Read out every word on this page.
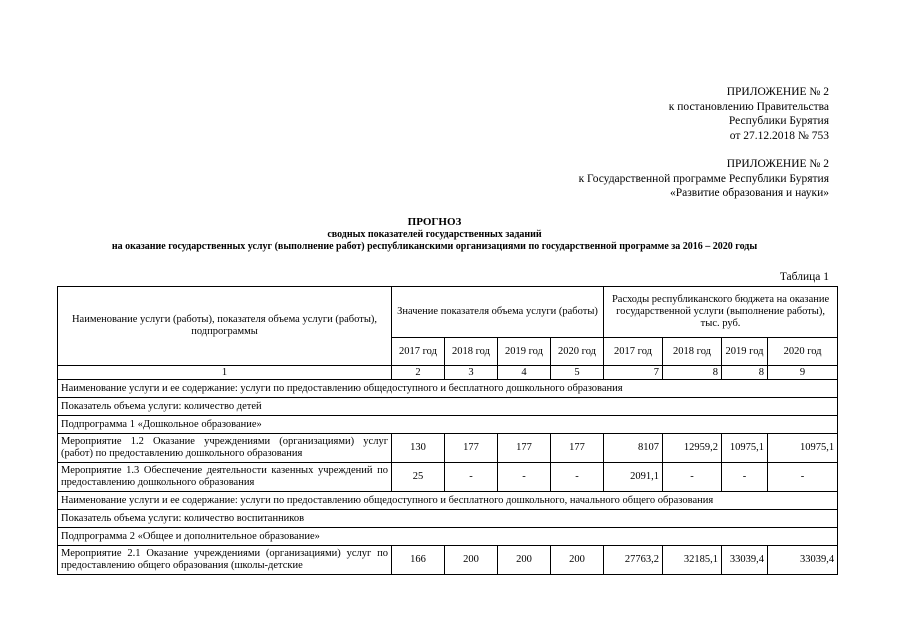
ПРИЛОЖЕНИЕ № 2
к постановлению Правительства
Республики Бурятия
от 27.12.2018 № 753
ПРИЛОЖЕНИЕ № 2
к Государственной программе Республики Бурятия
«Развитие образования и науки»
ПРОГНОЗ
сводных показателей государственных заданий
на оказание государственных услуг (выполнение работ) республиканскими организациями по государственной программе за 2016 – 2020 годы
Таблица 1
Наименование услуги (работы), показателя объема услуги (работы), подпрограммы	Значение показателя объема услуги (работы)				Расходы республиканского бюджета на оказание государственной услуги (выполнение работы), тыс. руб.			
	2017 год	2018 год	2019 год	2020 год	2017 год	2018 год	2019 год	2020 год
1	2	3	4	5	7	8	8	9
Наименование услуги и ее содержание: услуги по предоставлению общедоступного и бесплатного дошкольного образования								
Показатель объема услуги: количество детей								
Подпрограмма 1 «Дошкольное образование»								
Мероприятие 1.2 Оказание учреждениями (организациями) услуг (работ) по предоставлению дошкольного образования	130	177	177	177	8107	12959,2	10975,1	10975,1
Мероприятие 1.3 Обеспечение деятельности казенных учреждений по предоставлению дошкольного образования	25	-	-	-	2091,1	-	-	-
Наименование услуги и ее содержание: услуги по предоставлению общедоступного и бесплатного дошкольного, начального общего образования								
Показатель объема услуги: количество воспитанников								
Подпрограмма 2 «Общее и дополнительное образование»								
Мероприятие 2.1 Оказание учреждениями (организациями) услуг по предоставлению общего образования (школы-детские	166	200	200	200	27763,2	32185,1	33039,4	33039,4
